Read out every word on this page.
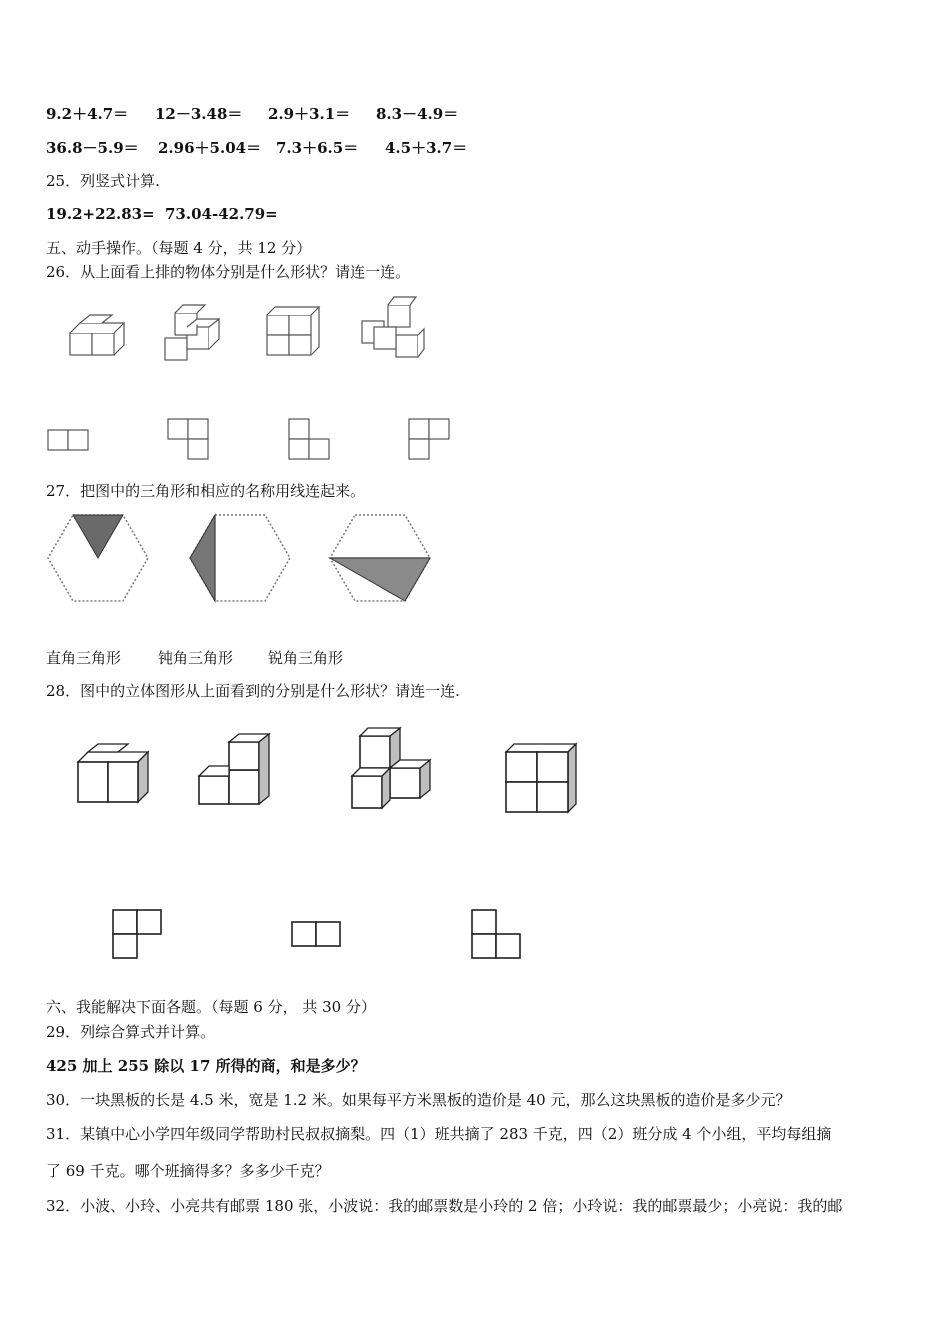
9.2＋4.7＝ 12－3.48＝ 2.9＋3.1＝ 8.3－4.9＝
36.8－5.9＝ 2.96＋5.04＝ 7.3＋6.5＝ 4.5＋3.7＝
25．列竖式计算.
19.2+22.83= 73.04-42.79=
五、动手操作。（每题 4 分，共 12 分）
26．从上面看上排的物体分别是什么形状？请连一连。
27．把图中的三角形和相应的名称用线连起来。
直角三角形 钝角三角形 锐角三角形
28．图中的立体图形从上面看到的分别是什么形状？请连一连.
六、我能解决下面各题。（每题 6 分， 共 30 分）
29．列综合算式并计算。
425 加上 255 除以 17 所得的商，和是多少？
30．一块黑板的长是 4.5 米，宽是 1.2 米。如果每平方米黑板的造价是 40 元，那么这块黑板的造价是多少元？
31．某镇中心小学四年级同学帮助村民叔叔摘梨。四（1）班共摘了 283 千克，四（2）班分成 4 个小组，平均每组摘
了 69 千克。哪个班摘得多？多多少千克？
32．小波、小玲、小亮共有邮票 180 张，小波说：我的邮票数是小玲的 2 倍；小玲说：我的邮票最少；小亮说：我的邮
